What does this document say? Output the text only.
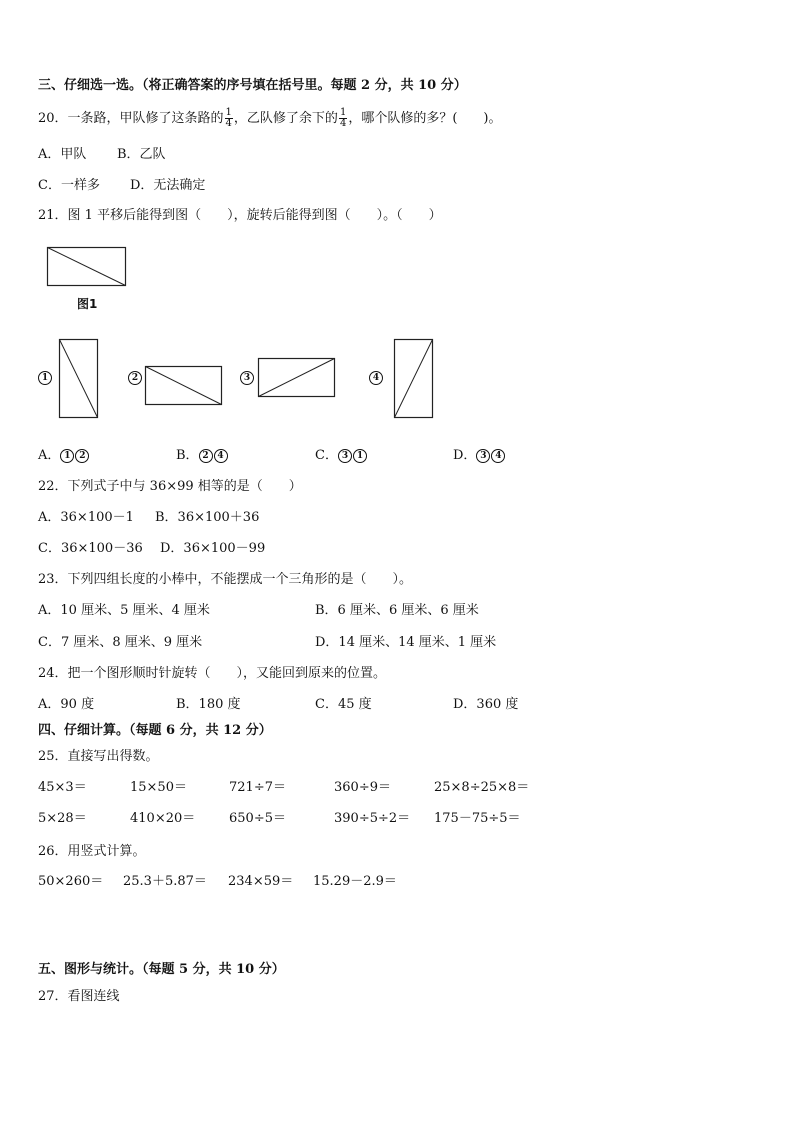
三、仔细选一选。（将正确答案的序号填在括号里。每题 2 分，共 10 分）
20．一条路，甲队修了这条路的 $\frac{1}{4}$ ，乙队修了余下的 $\frac{1}{4}$ ，哪个队修的多？(　　)。
A．甲队 B．乙队
C．一样多 D．无法确定
21．图 1 平移后能得到图（　　），旋转后能得到图（　　）。（　　）
图1
1	2	3	4
A． 1 2	B． 2 4	C． 3 1	D． 3 4
22．下列式子中与 36×99 相等的是（　　）
A．36×100－1 B．36×100＋36
C．36×100－36 D．36×100－99
23．下列四组长度的小棒中，不能摆成一个三角形的是（　　）。
A．10 厘米、5 厘米、4 厘米	B．6 厘米、6 厘米、6 厘米
C．7 厘米、8 厘米、9 厘米	D．14 厘米、14 厘米、1 厘米
24．把一个图形顺时针旋转（　　），又能回到原来的位置。
A．90 度	B．180 度	C．45 度	D．360 度
四、仔细计算。（每题 6 分，共 12 分）
25．直接写出得数。
45×3＝	15×50＝	721÷7＝	360÷9＝	25×8÷25×8＝
5×28＝	410×20＝	650÷5＝	390÷5÷2＝ 175－75÷5＝
26．用竖式计算。
50×260＝ 25.3＋5.87＝ 234×59＝ 15.29－2.9＝
五、图形与统计。（每题 5 分，共 10 分）
27．看图连线
